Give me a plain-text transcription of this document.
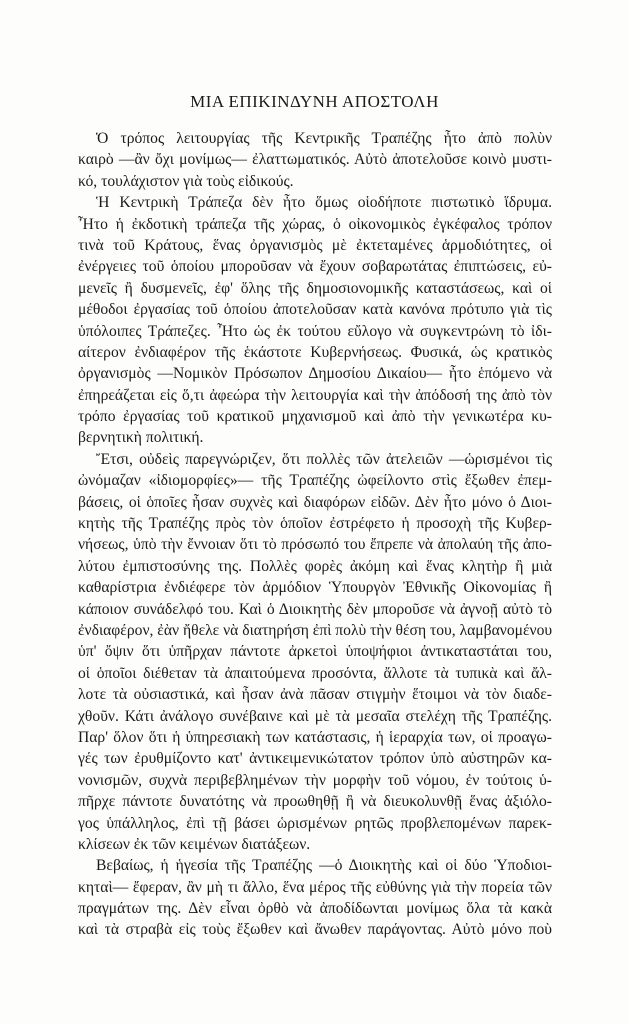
ΜΙΑ ΕΠΙΚΙΝΔΥΝΗ ΑΠΟΣΤΟΛΗ
Ὁ τρόπος λειτουργίας τῆς Κεντρικῆς Τραπέζης ἦτο ἀπὸ πολὺν
καιρὸ —ἂν ὄχι μονίμως— ἐλαττωματικός. Αὐτὸ ἀποτελοῦσε κοινὸ μυστι-
κό, τουλάχιστον γιὰ τοὺς εἰδικούς.
Ἡ Κεντρικὴ Τράπεζα δὲν ἦτο ὅμως οἱοδήποτε πιστωτικὸ ἵδρυμα.
Ἦτο ἡ ἐκδοτικὴ τράπεζα τῆς χώρας, ὁ οἰκονομικὸς ἐγκέφαλος τρόπον
τινὰ τοῦ Κράτους, ἕνας ὀργανισμὸς μὲ ἐκτεταμένες ἁρμοδιότητες, οἱ
ἐνέργειες τοῦ ὁποίου μποροῦσαν νὰ ἔχουν σοβαρωτάτας ἐπιπτώσεις, εὐ-
μενεῖς ἢ δυσμενεῖς, ἐφ' ὅλης τῆς δημοσιονομικῆς καταστάσεως, καὶ οἱ
μέθοδοι ἐργασίας τοῦ ὁποίου ἀποτελοῦσαν κατὰ κανόνα πρότυπο γιὰ τὶς
ὑπόλοιπες Τράπεζες. Ἦτο ὡς ἐκ τούτου εὔλογο νὰ συγκεντρώνη τὸ ἰδι-
αίτερον ἐνδιαφέρον τῆς ἑκάστοτε Κυβερνήσεως. Φυσικά, ὡς κρατικὸς
ὀργανισμὸς —Νομικὸν Πρόσωπον Δημοσίου Δικαίου— ἦτο ἑπόμενο νὰ
ἐπηρεάζεται εἰς ὅ,τι ἀφεώρα τὴν λειτουργία καὶ τὴν ἀπόδοσή της ἀπὸ τὸν
τρόπο ἐργασίας τοῦ κρατικοῦ μηχανισμοῦ καὶ ἀπὸ τὴν γενικωτέρα κυ-
βερνητικὴ πολιτική.
Ἔτσι, οὐδεὶς παρεγνώριζεν, ὅτι πολλὲς τῶν ἀτελειῶν —ὡρισμένοι τὶς
ὠνόμαζαν «ἰδιομορφίες»— τῆς Τραπέζης ὠφείλοντο στὶς ἔξωθεν ἐπεμ-
βάσεις, οἱ ὁποῖες ἦσαν συχνὲς καὶ διαφόρων εἰδῶν. Δὲν ἦτο μόνο ὁ Διοι-
κητὴς τῆς Τραπέζης πρὸς τὸν ὁποῖον ἐστρέφετο ἡ προσοχὴ τῆς Κυβερ-
νήσεως, ὑπὸ τὴν ἔννοιαν ὅτι τὸ πρόσωπό του ἔπρεπε νὰ ἀπολαύη τῆς ἀπο-
λύτου ἐμπιστοσύνης της. Πολλὲς φορὲς ἀκόμη καὶ ἕνας κλητὴρ ἢ μιὰ
καθαρίστρια ἐνδιέφερε τὸν ἁρμόδιον Ὑπουργὸν Ἐθνικῆς Οἰκονομίας ἢ
κάποιον συνάδελφό του. Καὶ ὁ Διοικητὴς δὲν μποροῦσε νὰ ἀγνοῇ αὐτὸ τὸ
ἐνδιαφέρον, ἐὰν ἤθελε νὰ διατηρήση ἐπὶ πολὺ τὴν θέση του, λαμβανομένου
ὑπ' ὄψιν ὅτι ὑπῆρχαν πάντοτε ἀρκετοὶ ὑποψήφιοι ἀντικαταστάται του,
οἱ ὁποῖοι διέθεταν τὰ ἀπαιτούμενα προσόντα, ἄλλοτε τὰ τυπικὰ καὶ ἄλ-
λοτε τὰ οὐσιαστικά, καὶ ἦσαν ἀνὰ πᾶσαν στιγμὴν ἕτοιμοι νὰ τὸν διαδε-
χθοῦν. Κάτι ἀνάλογο συνέβαινε καὶ μὲ τὰ μεσαῖα στελέχη τῆς Τραπέζης.
Παρ' ὅλον ὅτι ἡ ὑπηρεσιακὴ των κατάστασις, ἡ ἱεραρχία των, οἱ προαγω-
γές των ἐρυθμίζοντο κατ' ἀντικειμενικώτατον τρόπον ὑπὸ αὐστηρῶν κα-
νονισμῶν, συχνὰ περιβεβλημένων τὴν μορφὴν τοῦ νόμου, ἐν τούτοις ὑ-
πῆρχε πάντοτε δυνατότης νὰ προωθηθῇ ἢ νὰ διευκολυνθῇ ἕνας ἀξιόλο-
γος ὑπάλληλος, ἐπὶ τῇ βάσει ὡρισμένων ρητῶς προβλεπομένων παρεκ-
κλίσεων ἐκ τῶν κειμένων διατάξεων.
Βεβαίως, ἡ ἡγεσία τῆς Τραπέζης —ὁ Διοικητὴς καὶ οἱ δύο Ὑποδιοι-
κηταὶ— ἔφεραν, ἂν μὴ τι ἄλλο, ἕνα μέρος τῆς εὐθύνης γιὰ τὴν πορεία τῶν
πραγμάτων της. Δὲν εἶναι ὀρθὸ νὰ ἀποδίδωνται μονίμως ὅλα τὰ κακὰ
καὶ τὰ στραβὰ εἰς τοὺς ἔξωθεν καὶ ἄνωθεν παράγοντας. Αὐτὸ μόνο ποὺ
